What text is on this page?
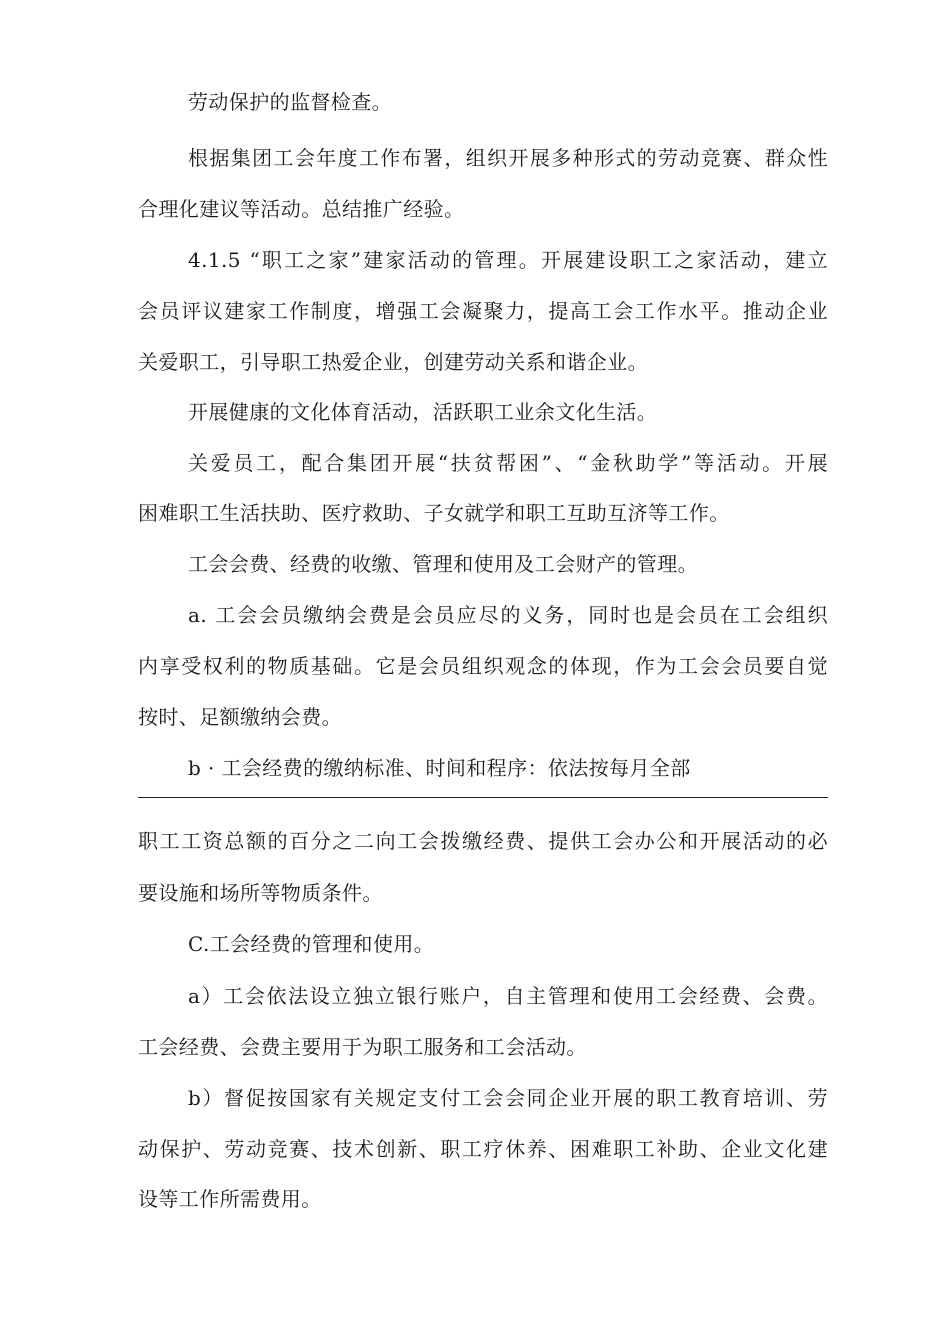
劳动保护的监督检查。
根据集团工会年度工作布署，组织开展多种形式的劳动竞赛、群众性
合理化建议等活动。总结推广经验。
4.1.5 “职工之家”建家活动的管理。开展建设职工之家活动，建立
会员评议建家工作制度，增强工会凝聚力，提高工会工作水平。推动企业
关爱职工，引导职工热爱企业，创建劳动关系和谐企业。
开展健康的文化体育活动，活跃职工业余文化生活。
关爱员工，配合集团开展“扶贫帮困”、“金秋助学”等活动。开展
困难职工生活扶助、医疗救助、子女就学和职工互助互济等工作。
工会会费、经费的收缴、管理和使用及工会财产的管理。
a. 工会会员缴纳会费是会员应尽的义务，同时也是会员在工会组织
内享受权利的物质基础。它是会员组织观念的体现，作为工会会员要自觉
按时、足额缴纳会费。
b · 工会经费的缴纳标准、时间和程序：依法按每月全部
职工工资总额的百分之二向工会拨缴经费、提供工会办公和开展活动的必
要设施和场所等物质条件。
C.工会经费的管理和使用。
a）工会依法设立独立银行账户，自主管理和使用工会经费、会费。
工会经费、会费主要用于为职工服务和工会活动。
b）督促按国家有关规定支付工会会同企业开展的职工教育培训、劳
动保护、劳动竞赛、技术创新、职工疗休养、困难职工补助、企业文化建
设等工作所需费用。
